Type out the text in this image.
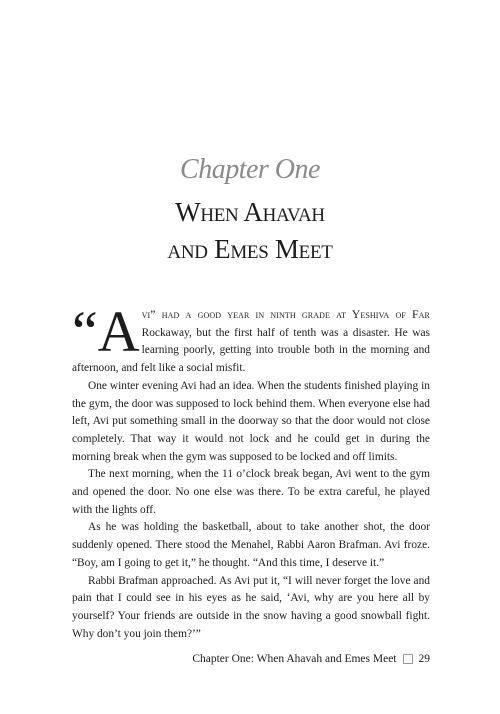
Chapter One
When Ahavah
and Emes Meet

“Avi” had a good year in ninth grade at Yeshiva of Far Rockaway, but the first half of tenth was a disaster. He was learning poorly, getting into trouble both in the morning and afternoon, and felt like a social misfit.

One winter evening Avi had an idea. When the students finished playing in the gym, the door was supposed to lock behind them. When everyone else had left, Avi put something small in the doorway so that the door would not close completely. That way it would not lock and he could get in during the morning break when the gym was supposed to be locked and off limits.

The next morning, when the 11 o’clock break began, Avi went to the gym and opened the door. No one else was there. To be extra careful, he played with the lights off.

As he was holding the basketball, about to take another shot, the door suddenly opened. There stood the Menahel, Rabbi Aaron Brafman. Avi froze. “Boy, am I going to get it,” he thought. “And this time, I deserve it.”

Rabbi Brafman approached. As Avi put it, “I will never forget the love and pain that I could see in his eyes as he said, ‘Avi, why are you here all by yourself? Your friends are outside in the snow having a good snowball fight. Why don’t you join them?’”

Chapter One: When Ahavah and Emes Meet 29
